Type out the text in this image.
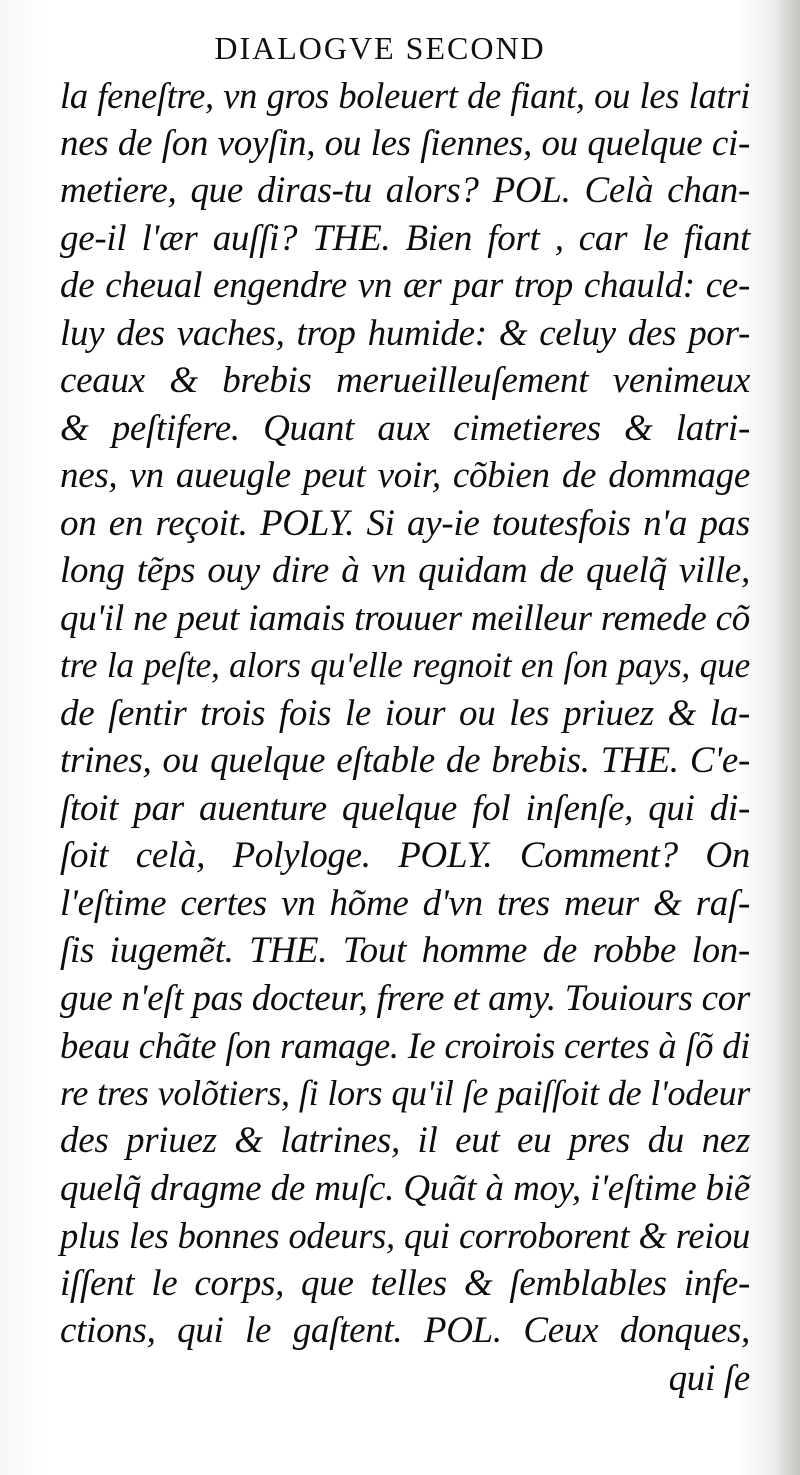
DIALOGVE SECOND
la feneſtre, vn gros boleuert de fiant, ou les latri
nes de ſon voyſin, ou les ſiennes, ou quelque ci-
metiere, que diras-tu alors? POL. Celà chan-
ge-il l'ær auſſi? THE. Bien fort , car le fiant
de cheual engendre vn ær par trop chauld: ce-
luy des vaches, trop humide: & celuy des por-
ceaux & brebis merueilleuſement venimeux
& peſtifere. Quant aux cimetieres & latri-
nes, vn aueugle peut voir, cõbien de dommage
on en reçoit. POLY. Si ay-ie toutesfois n'a pas
long tẽps ouy dire à vn quidam de quelq̃ ville,
qu'il ne peut iamais trouuer meilleur remede cõ
tre la peſte, alors qu'elle regnoit en ſon pays, que
de ſentir trois fois le iour ou les priuez & la-
trines, ou quelque eſtable de brebis. THE. C'e-
ſtoit par auenture quelque fol inſenſe, qui di-
ſoit celà, Polyloge. POLY. Comment? On
l'eſtime certes vn hõme d'vn tres meur & raſ-
ſis iugemẽt. THE. Tout homme de robbe lon-
gue n'eſt pas docteur, frere et amy. Touiours cor
beau chãte ſon ramage. Ie croirois certes à ſõ di
re tres volõtiers, ſi lors qu'il ſe paiſſoit de l'odeur
des priuez & latrines, il eut eu pres du nez
quelq̃ dragme de muſc. Quãt à moy, i'eſtime biẽ
plus les bonnes odeurs, qui corroborent & reiou
iſſent le corps, que telles & ſemblables infe-
ctions, qui le gaſtent. POL. Ceux donques,
qui ſe
